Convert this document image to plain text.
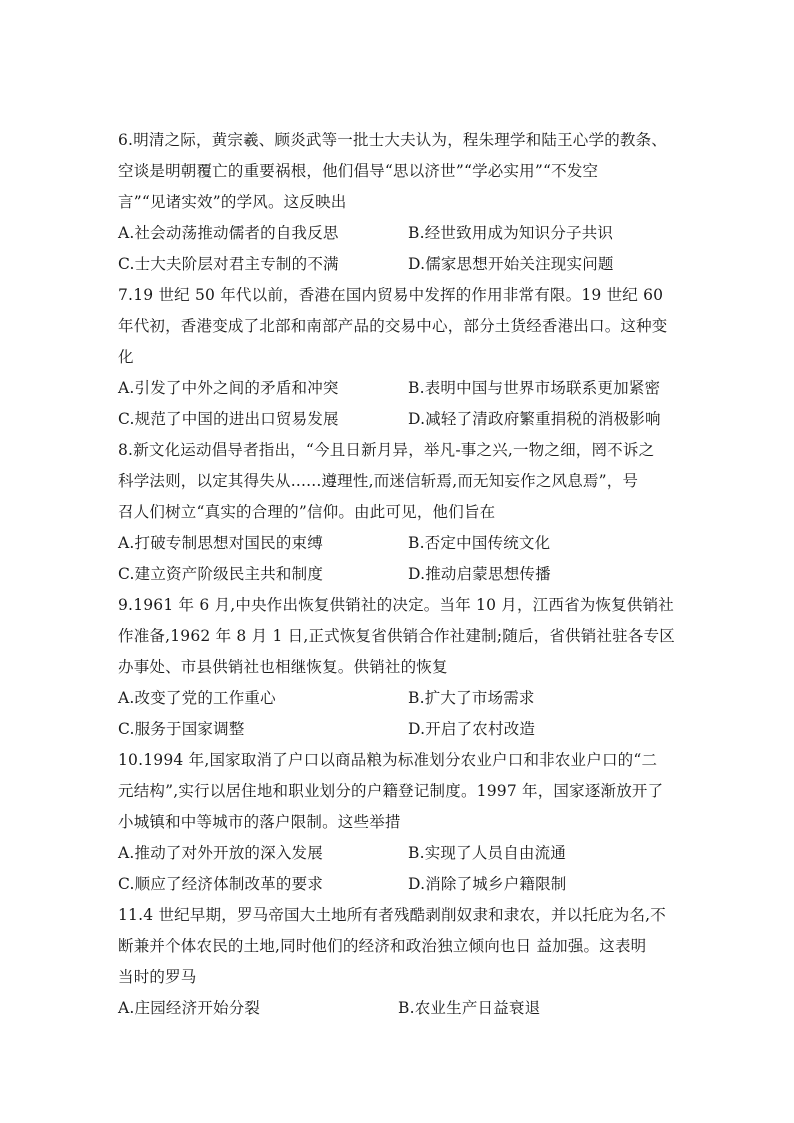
6.明清之际，黄宗羲、顾炎武等一批士大夫认为，程朱理学和陆王心学的教条、
空谈是明朝覆亡的重要祸根，他们倡导“思以济世”“学必实用”“不发空
言”“见诸实效”的学风。这反映出
A.社会动荡推动儒者的自我反思	B.经世致用成为知识分子共识
C.士大夫阶层对君主专制的不满	D.儒家思想开始关注现实问题
7.19 世纪 50 年代以前，香港在国内贸易中发挥的作用非常有限。19 世纪 60
年代初，香港变成了北部和南部产品的交易中心，部分土货经香港出口。这种变
化
A.引发了中外之间的矛盾和冲突	B.表明中国与世界市场联系更加紧密
C.规范了中国的进出口贸易发展	D.减轻了清政府繁重捐税的消极影响
8.新文化运动倡导者指出，“今且日新月异，举凡-事之兴,一物之细，罔不诉之
科学法则，以定其得失从......遵理性,而迷信斩焉,而无知妄作之风息焉”，号
召人们树立“真实的合理的”信仰。由此可见，他们旨在
A.打破专制思想对国民的束缚	B.否定中国传统文化
C.建立资产阶级民主共和制度	D.推动启蒙思想传播
9.1961 年 6 月,中央作出恢复供销社的决定。当年 10 月，江西省为恢复供销社
作准备,1962 年 8 月 1 日,正式恢复省供销合作社建制;随后，省供销社驻各专区
办事处、市县供销社也相继恢复。供销社的恢复
A.改变了党的工作重心	B.扩大了市场需求
C.服务于国家调整	D.开启了农村改造
10.1994 年,国家取消了户口以商品粮为标准划分农业户口和非农业户口的“二
元结构”,实行以居住地和职业划分的户籍登记制度。1997 年，国家逐渐放开了
小城镇和中等城市的落户限制。这些举措
A.推动了对外开放的深入发展	B.实现了人员自由流通
C.顺应了经济体制改革的要求	D.消除了城乡户籍限制
11.4 世纪早期，罗马帝国大土地所有者残酷剥削奴隶和隶农，并以托庇为名,不
断兼并个体农民的土地,同时他们的经济和政治独立倾向也日 益加强。这表明
当时的罗马
A.庄园经济开始分裂	B.农业生产日益衰退
